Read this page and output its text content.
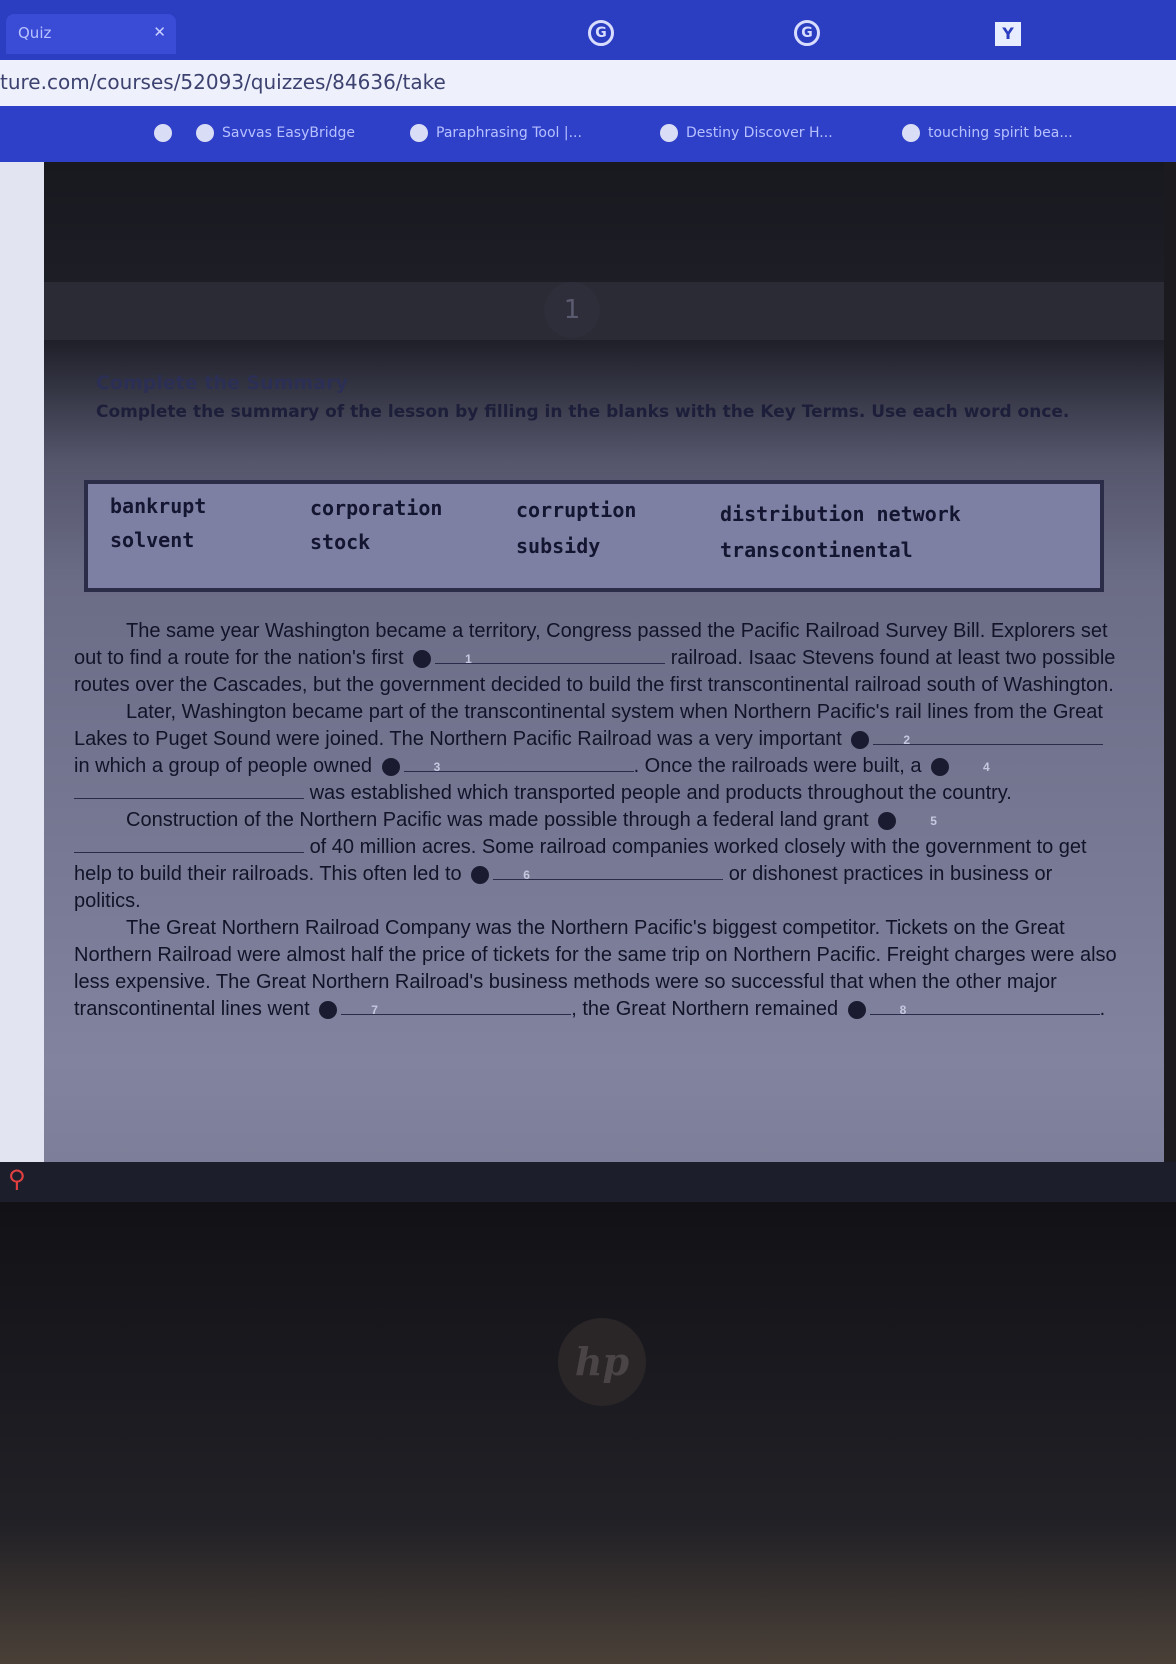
Quiz	✕	G	G	Y
ture.com/courses/52093/quizzes/84636/take
Savvas EasyBridge	Paraphrasing Tool |...	Destiny Discover H...	touching spirit bea...
1
Complete the Summary
Complete the summary of the lesson by filling in the blanks with the Key Terms. Use each word once.
bankrupt	corporation	corruption	distribution network
solvent	stock	subsidy	transcontinental

The same year Washington became a territory, Congress passed the Pacific Railroad Survey Bill. Explorers set out to find a route for the nation's first	1	railroad. Isaac Stevens found at least two possible routes over the Cascades, but the government decided to build the first transcontinental railroad south of Washington.

Later, Washington became part of the transcontinental system when Northern Pacific's rail lines from the Great Lakes to Puget Sound were joined. The Northern Pacific Railroad was a very important	2 in which a group of people owned	3	. Once the railroads were built, a	4 was established which transported people and products throughout the country.

Construction of the Northern Pacific was made possible through a federal land grant	5 of 40 million acres. Some railroad companies worked closely with the government to get help to build their railroads. This often led to	6	or dishonest practices in business or politics.

The Great Northern Railroad Company was the Northern Pacific's biggest competitor. Tickets on the Great Northern Railroad were almost half the price of tickets for the same trip on Northern Pacific. Freight charges were also less expensive. The Great Northern Railroad's business methods were so successful that when the other major transcontinental lines went	7	, the Great Northern remained	8	.

⚲
hp
